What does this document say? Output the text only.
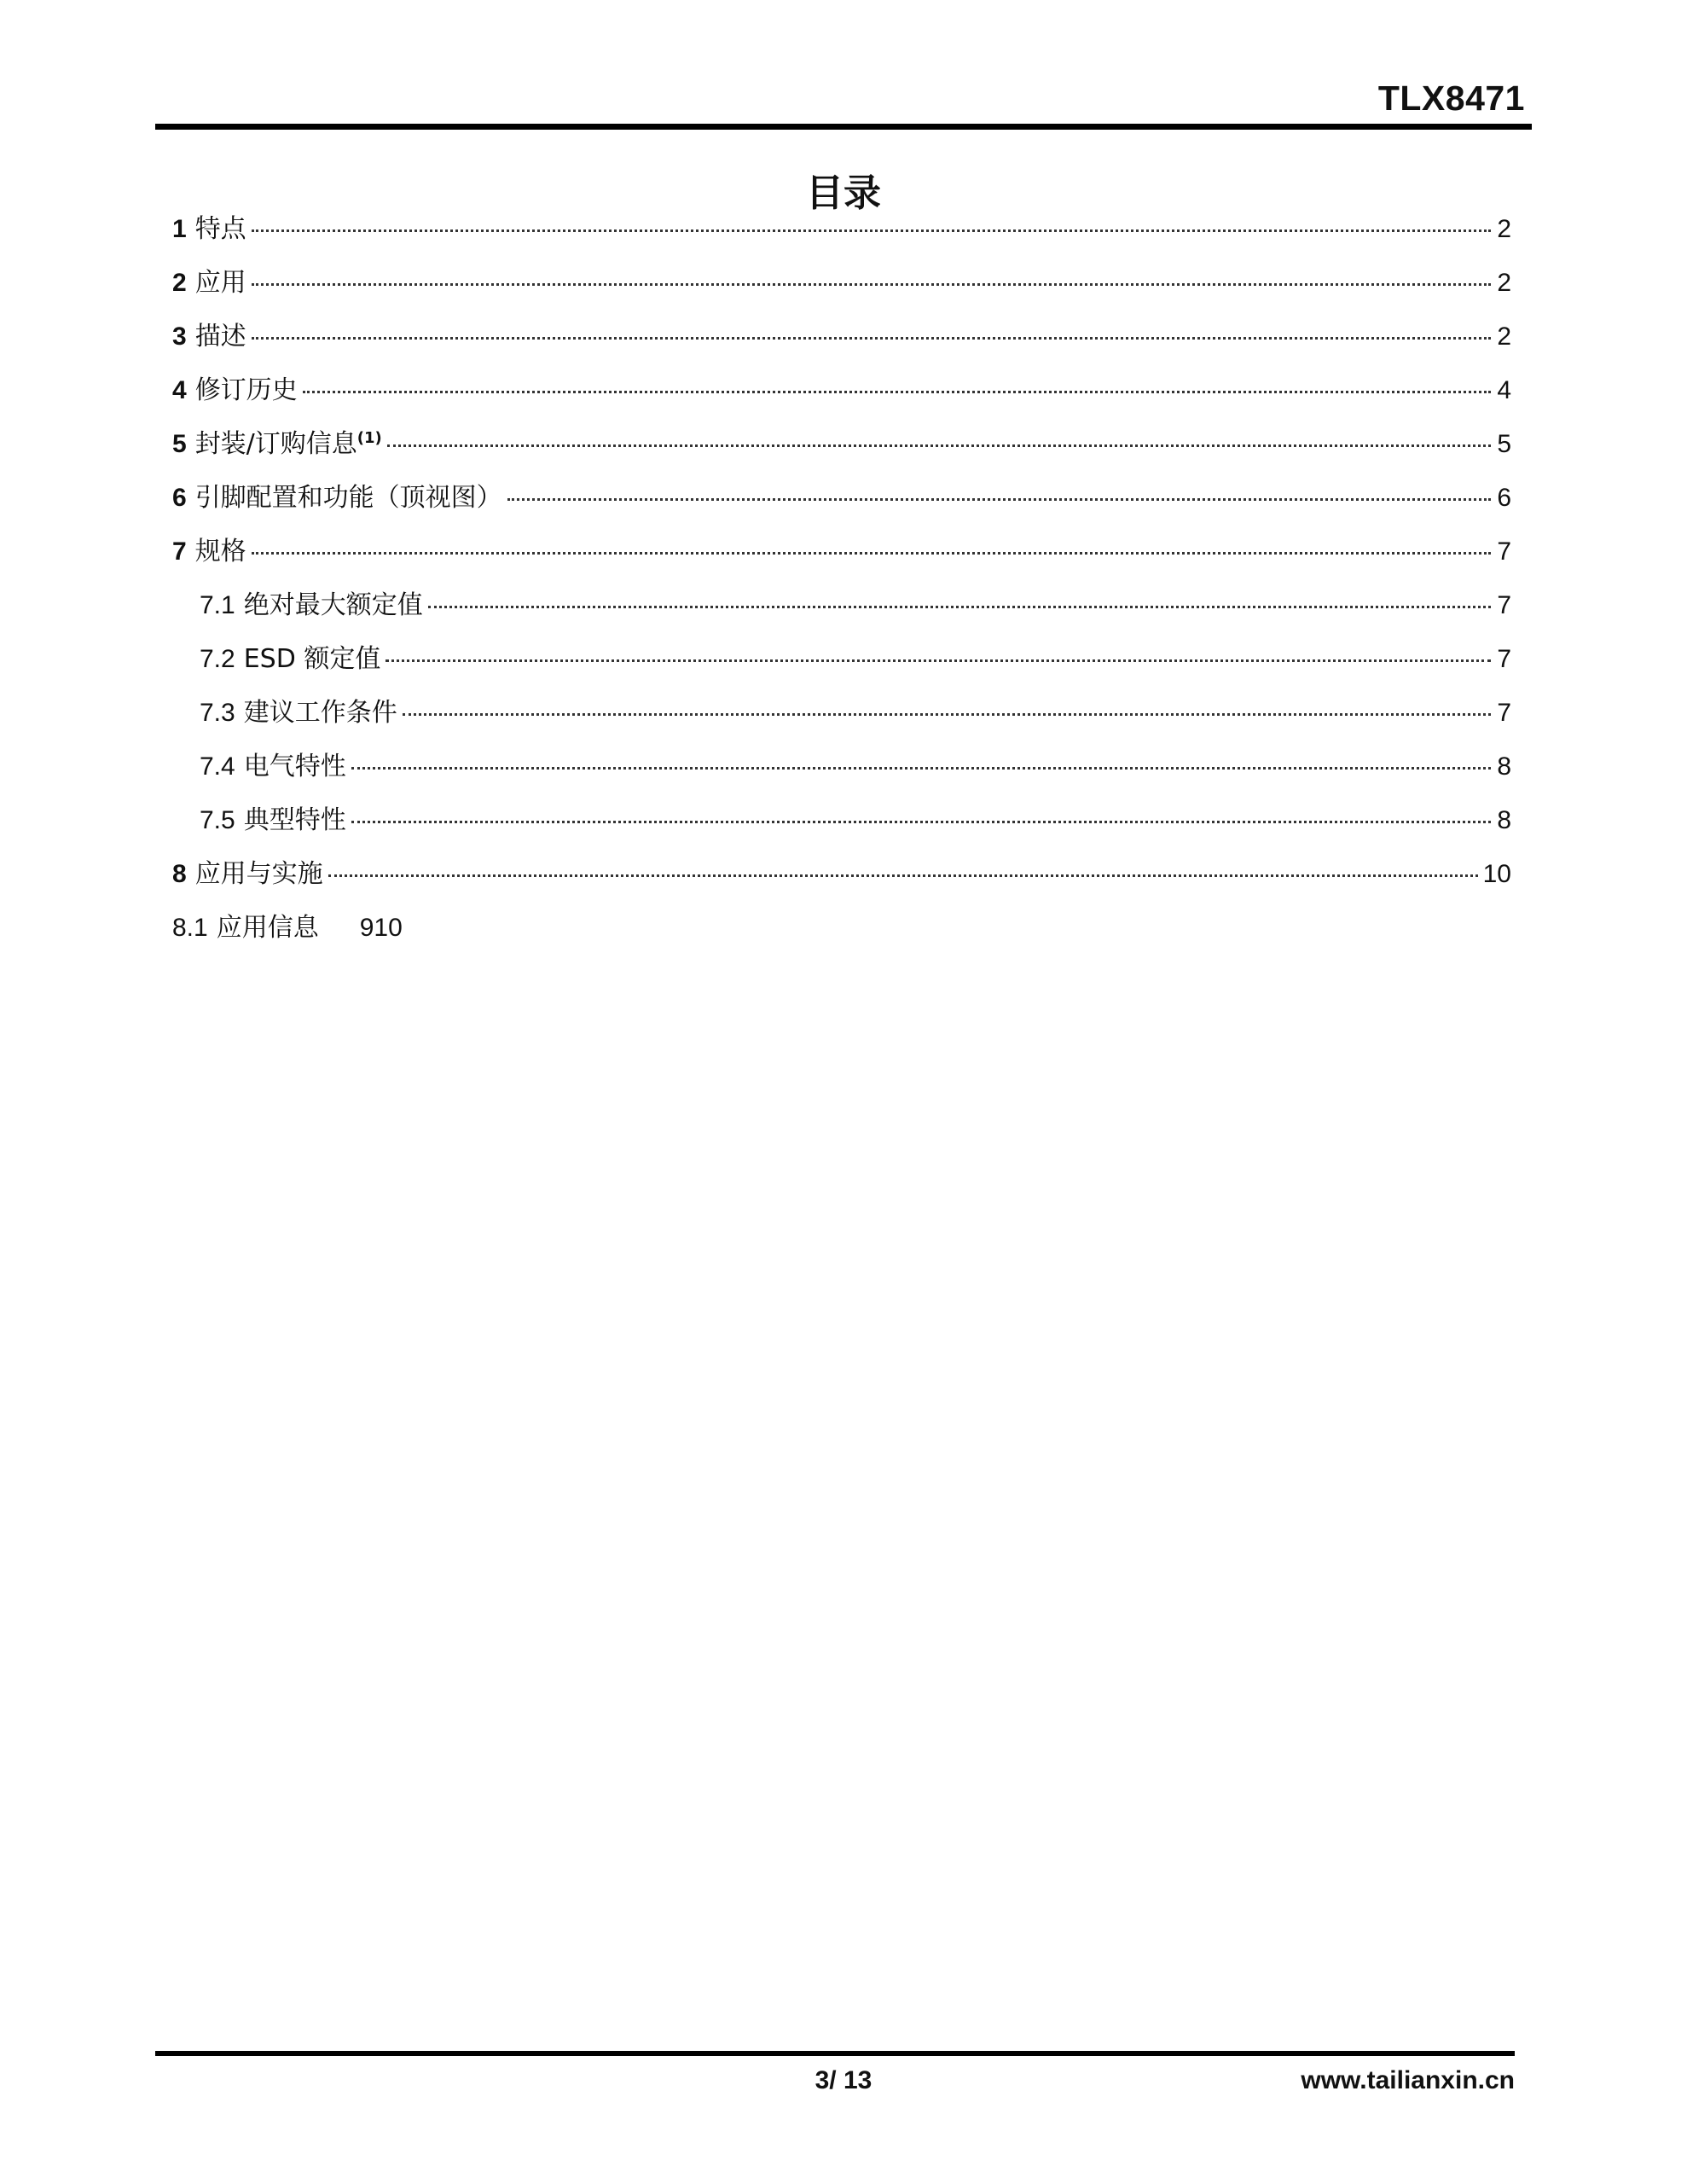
TLX8471
目录
1 特点	2
2 应用	2
3 描述	2
4 修订历史	4
5 封装/订购信息$^{(1)}$	5
6 引脚配置和功能（顶视图）	6
7 规格	7
7.1 绝对最大额定值	7
7.2 ESD 额定值	7
7.3 建议工作条件	7
7.4 电气特性	8
7.5 典型特性	8
8 应用与实施	10
8.1 应用信息 910
3/ 13	www.tailianxin.cn
